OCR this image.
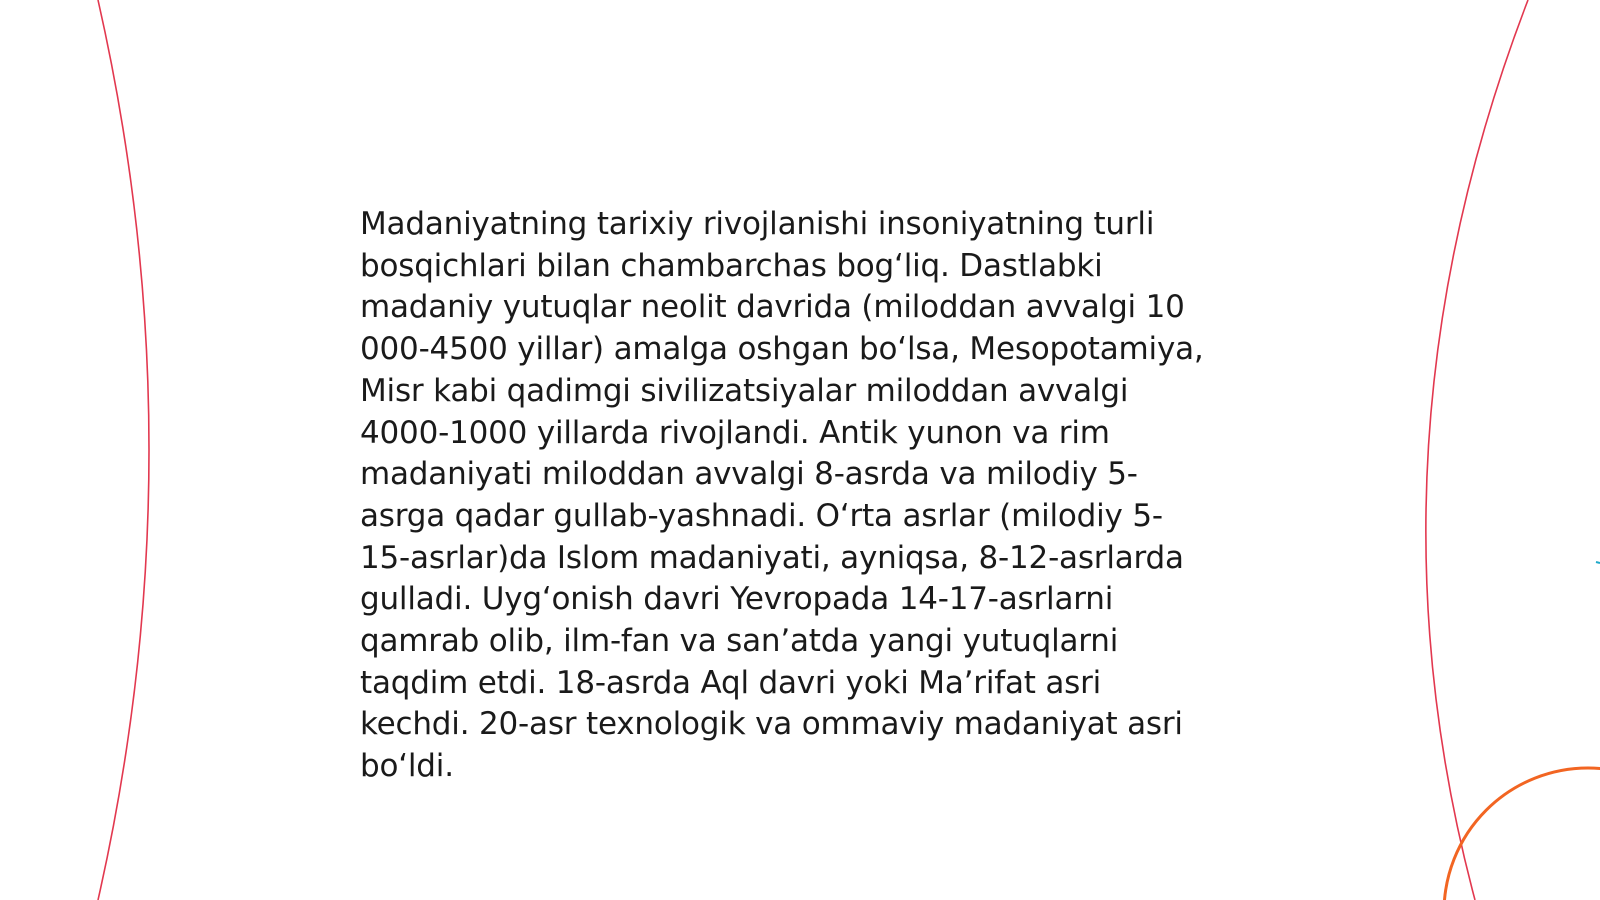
Madaniyatning tarixiy rivojlanishi insoniyatning turli
bosqichlari bilan chambarchas bogʻliq. Dastlabki
madaniy yutuqlar neolit davrida (miloddan avvalgi 10
000-4500 yillar) amalga oshgan boʻlsa, Mesopotamiya,
Misr kabi qadimgi sivilizatsiyalar miloddan avvalgi
4000-1000 yillarda rivojlandi. Antik yunon va rim
madaniyati miloddan avvalgi 8-asrda va milodiy 5-
asrga qadar gullab-yashnadi. Oʻrta asrlar (milodiy 5-
15-asrlar)da Islom madaniyati, ayniqsa, 8-12-asrlarda
gulladi. Uygʻonish davri Yevropada 14-17-asrlarni
qamrab olib, ilm-fan va san’atda yangi yutuqlarni
taqdim etdi. 18-asrda Aql davri yoki Ma’rifat asri
kechdi. 20-asr texnologik va ommaviy madaniyat asri
boʻldi.
